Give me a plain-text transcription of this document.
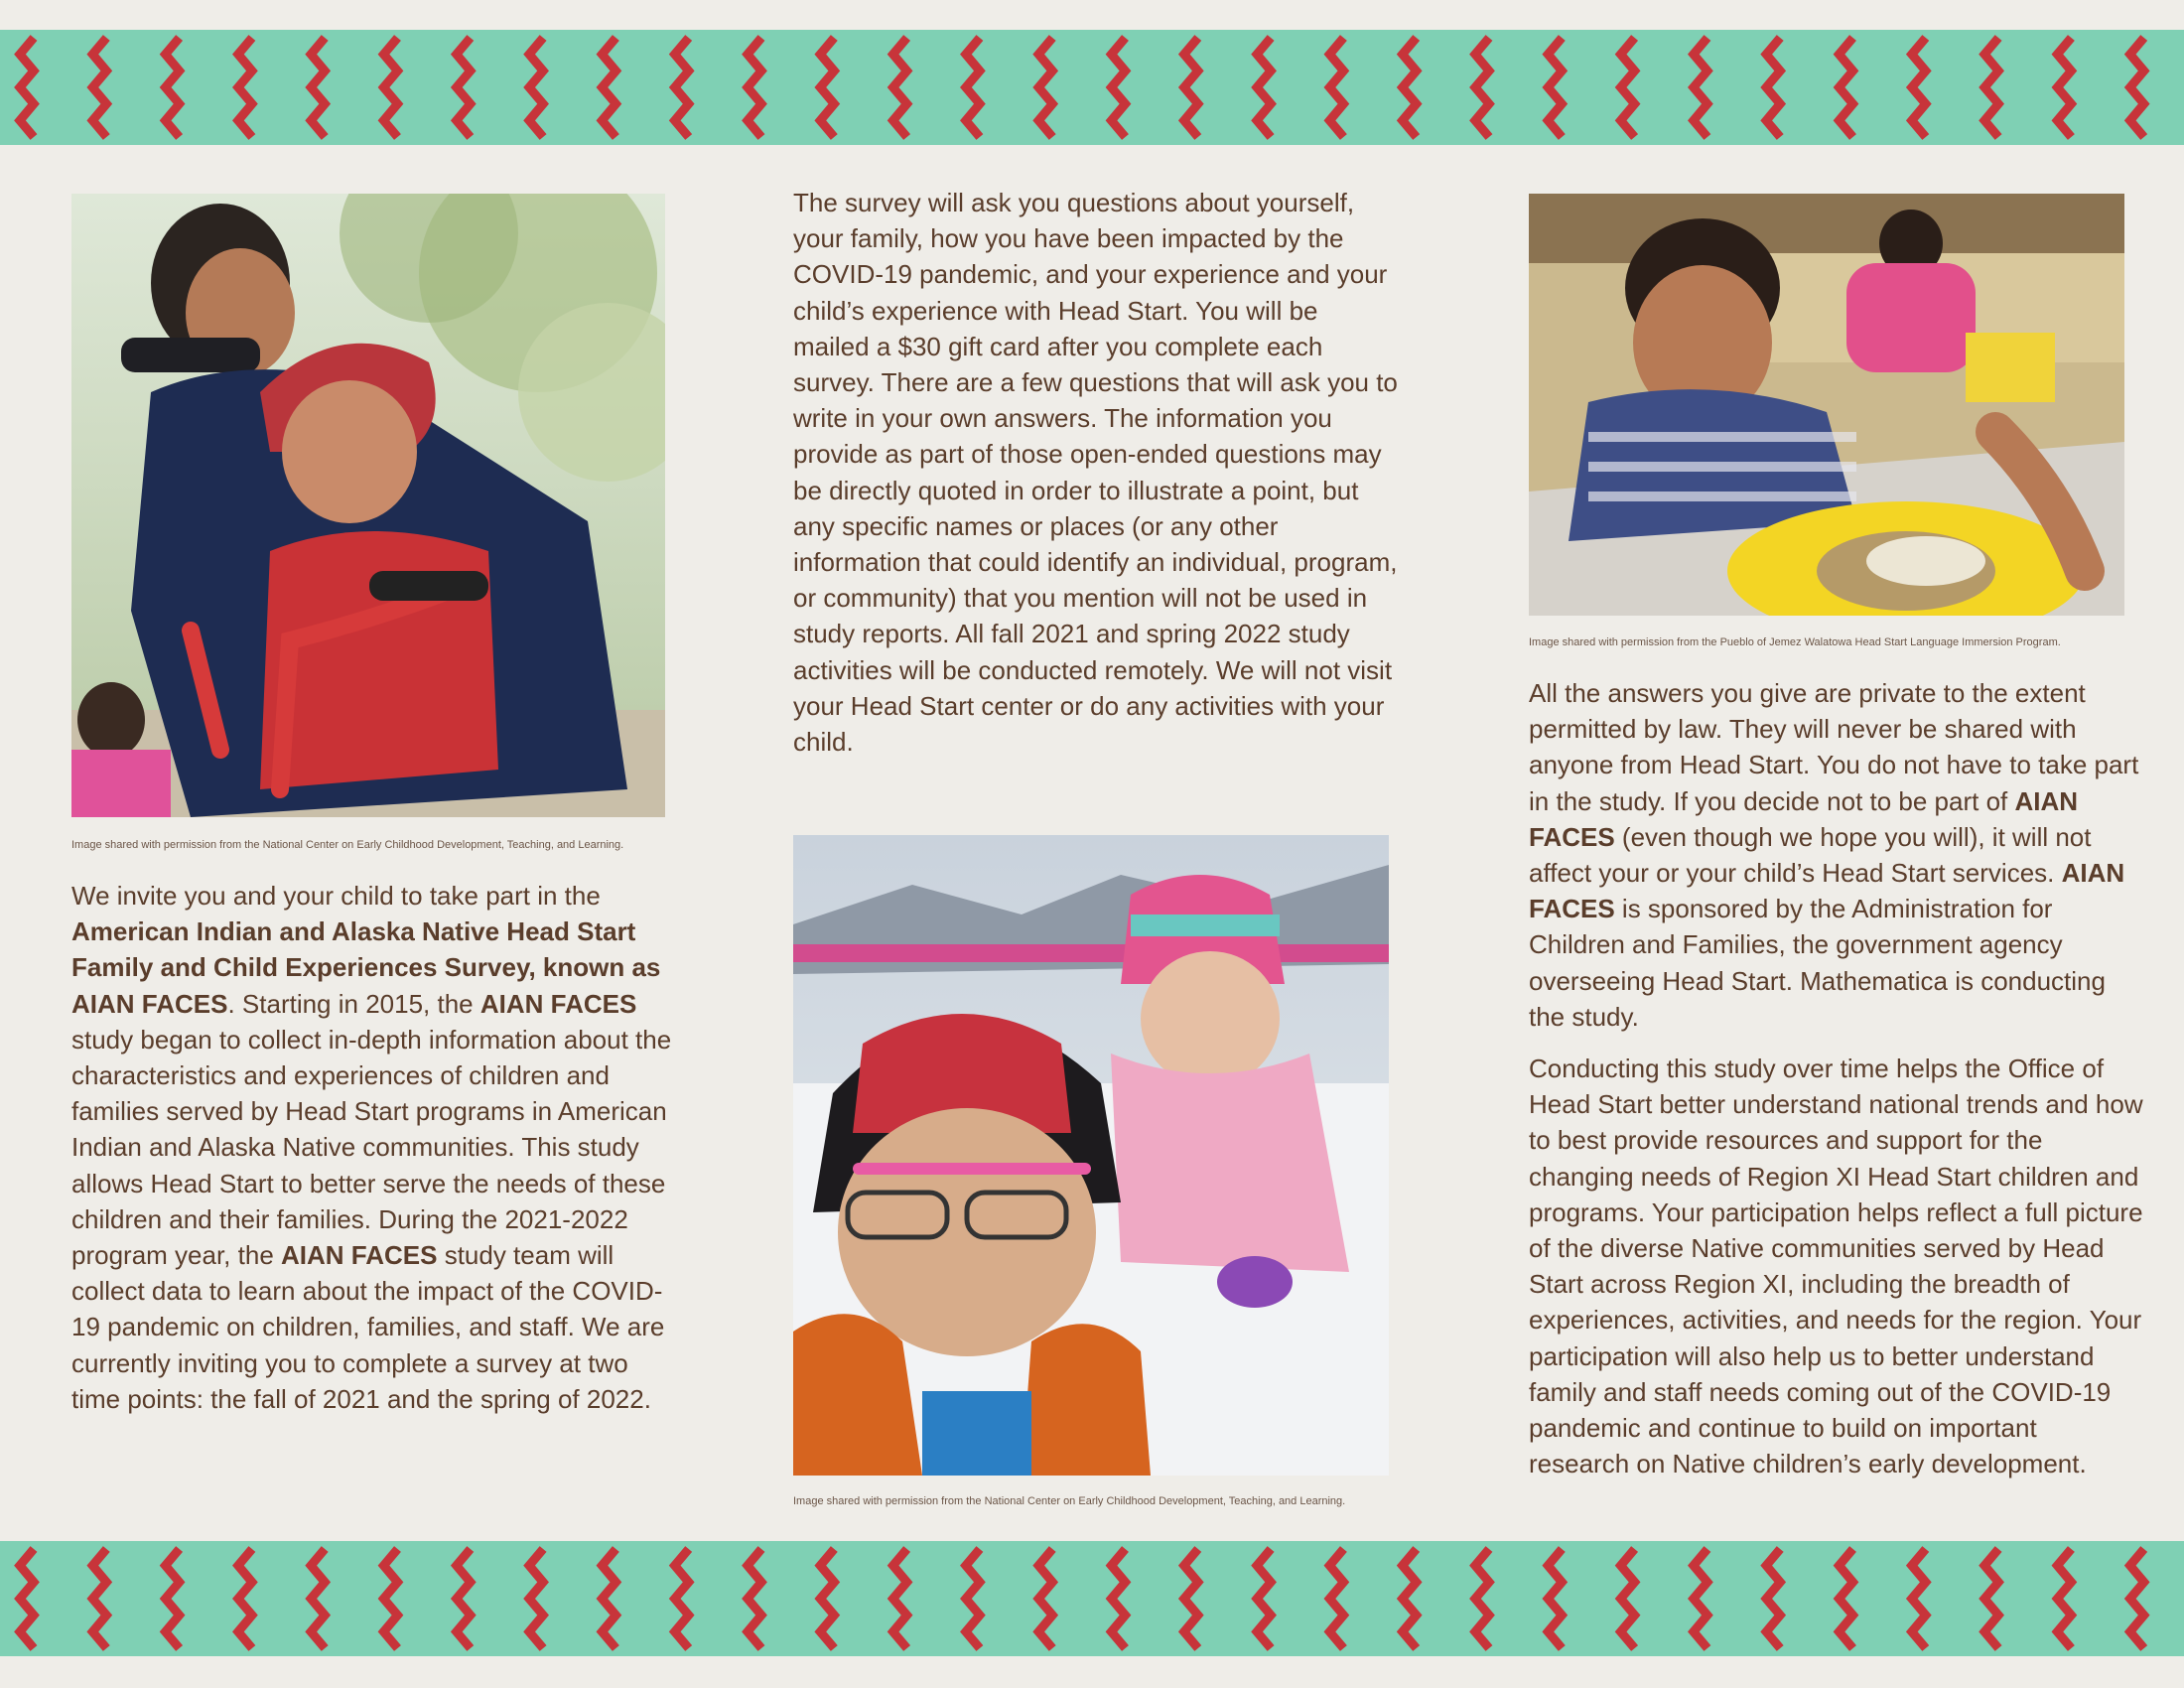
Image shared with permission from the National Center on Early Childhood Development, Teaching, and Learning.

We invite you and your child to take part in the American Indian and Alaska Native Head Start Family and Child Experiences Survey, known as AIAN FACES. Starting in 2015, the AIAN FACES study began to collect in-depth information about the characteristics and experiences of children and families served by Head Start programs in American Indian and Alaska Native communities. This study allows Head Start to better serve the needs of these children and their families. During the 2021-2022 program year, the AIAN FACES study team will collect data to learn about the impact of the COVID-19 pandemic on children, families, and staff. We are currently inviting you to complete a survey at two time points: the fall of 2021 and the spring of 2022.

The survey will ask you questions about yourself, your family, how you have been impacted by the COVID-19 pandemic, and your experience and your child’s experience with Head Start. You will be mailed a $30 gift card after you complete each survey. There are a few questions that will ask you to write in your own answers. The information you provide as part of those open-ended questions may be directly quoted in order to illustrate a point, but any specific names or places (or any other information that could identify an individual, program, or community) that you mention will not be used in study reports. All fall 2021 and spring 2022 study activities will be conducted remotely. We will not visit your Head Start center or do any activities with your child.

Image shared with permission from the National Center on Early Childhood Development, Teaching, and Learning.
Image shared with permission from the Pueblo of Jemez Walatowa Head Start Language Immersion Program.

All the answers you give are private to the extent permitted by law. They will never be shared with anyone from Head Start. You do not have to take part in the study. If you decide not to be part of AIAN FACES (even though we hope you will), it will not affect your or your child’s Head Start services. AIAN FACES is sponsored by the Administration for Children and Families, the government agency overseeing Head Start. Mathematica is conducting the study.

Conducting this study over time helps the Office of Head Start better understand national trends and how to best provide resources and support for the changing needs of Region XI Head Start children and programs. Your participation helps reflect a full picture of the diverse Native communities served by Head Start across Region XI, including the breadth of experiences, activities, and needs for the region. Your participation will also help us to better understand family and staff needs coming out of the COVID-19 pandemic and continue to build on important research on Native children’s early development.
